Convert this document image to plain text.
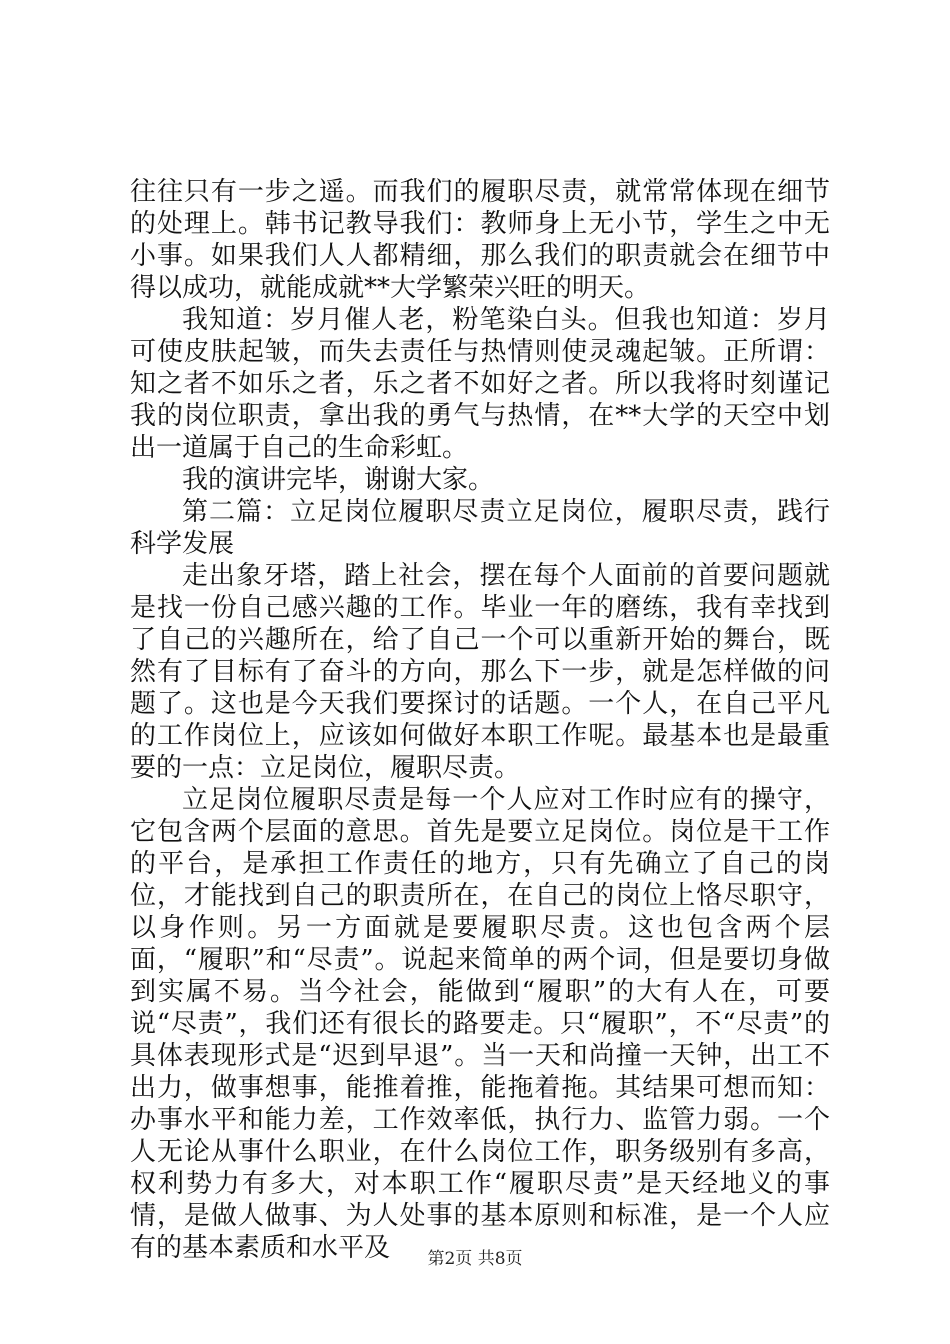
往往只有一步之遥。而我们的履职尽责，就常常体现在细节的处理上。韩书记教导我们：教师身上无小节，学生之中无小事。如果我们人人都精细，那么我们的职责就会在细节中得以成功，就能成就**大学繁荣兴旺的明天。

我知道：岁月催人老，粉笔染白头。但我也知道：岁月可使皮肤起皱，而失去责任与热情则使灵魂起皱。正所谓：知之者不如乐之者，乐之者不如好之者。所以我将时刻谨记我的岗位职责，拿出我的勇气与热情，在**大学的天空中划出一道属于自己的生命彩虹。

我的演讲完毕，谢谢大家。

第二篇：立足岗位履职尽责立足岗位，履职尽责，践行科学发展

走出象牙塔，踏上社会，摆在每个人面前的首要问题就是找一份自己感兴趣的工作。毕业一年的磨练，我有幸找到了自己的兴趣所在，给了自己一个可以重新开始的舞台，既然有了目标有了奋斗的方向，那么下一步，就是怎样做的问题了。这也是今天我们要探讨的话题。一个人，在自己平凡的工作岗位上，应该如何做好本职工作呢。最基本也是最重要的一点：立足岗位，履职尽责。

立足岗位履职尽责是每一个人应对工作时应有的操守，它包含两个层面的意思。首先是要立足岗位。岗位是干工作的平台，是承担工作责任的地方，只有先确立了自己的岗位，才能找到自己的职责所在，在自己的岗位上恪尽职守，以身作则。另一方面就是要履职尽责。这也包含两个层面，“履职”和“尽责”。说起来简单的两个词，但是要切身做到实属不易。当今社会，能做到“履职”的大有人在，可要说“尽责”，我们还有很长的路要走。只“履职”，不“尽责”的具体表现形式是“迟到早退”。当一天和尚撞一天钟，出工不出力，做事想事，能推着推，能拖着拖。其结果可想而知：办事水平和能力差，工作效率低，执行力、监管力弱。一个人无论从事什么职业，在什么岗位工作，职务级别有多高，权利势力有多大，对本职工作“履职尽责”是天经地义的事情，是做人做事、为人处事的基本原则和标准，是一个人应有的基本素质和水平及	第2页 共8页
